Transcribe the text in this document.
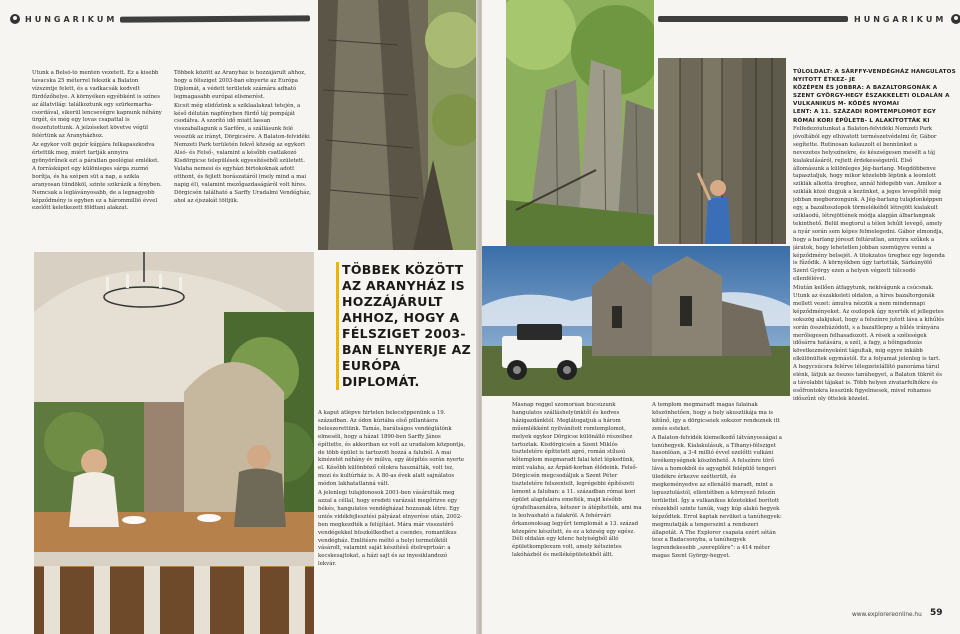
HUNGARIKUM

Utunk a Belső-tó mentén vezetett. Ez a kisebb tavacska 25 méterrel fekszik a Balaton vízszintje felett, és a vadkacsák kedvelt fürdőzőhelye. A környéken egyébként is színes az állatvilág: találkoztunk egy szürkemarha-csordával, sikerül lencsevégre kapnunk néhány ürgét, és még egy lovas csapattal is összefutottunk. A jelzéseket követve végül felértünk az Aranyházhoz.

Az egykor volt gejzír kúpjára felkapaszkodva értettük meg, miért tartják annyira gyönyörűnek ezt a páratlan geológiai emléket. A forráskúpot egy különleges sárga zuzmó borítja, és ha szépen süt a nap, a szikla aranyosan tündököl, szinte szikrázik a fényben. Nemcsak a legláványosabb, de a legnagyobb képződmény is egyben ez a hárommillió évvel ezelőtt keletkezett földtani alakzat.

Többek között az Aranyház is hozzájárult ahhoz, hogy a félsziget 2003-ban elnyerte az Európa Diplomát, a védett területek számára adható legmagasabb európai elismerést.

Kicsit még elidőzünk a sziklaalakzat tetején, a késő délután napfényben fürdő táj pompáját csodálva. A szorító idő miatt lassan visszaballagunk a Sarfőre, a szállásunk felé vesszük az irányt, Dörgicsére. A Balaton-felvidéki Nemzeti Park területén fekvő község az egykori Alsó- és Felső-, valamint a később csatlakozó Kisdörgicse települések egyesítéséből született. Valaha nemesi és egyházi birtokoknak adott otthont, és fejlett borászatáról (mely mind a mai napig él), valamint mezőgazdaságáról volt híres. Dörgicsén található a Sarffy Uradalmi Vendégház, ahol az éjszakát töltjük.

HUNGARIKUM
TÚLOLDALT: A SÁRFFY-VENDÉGHÁZ HANGULATOS NYITOTT ÉTKEZ- JE
KÖZÉPEN ÉS JOBBRA: A BAZALTORGONÁK A SZENT GYÖRGY-HEGY ÉSZAKKELETI OLDALÁN A VULKANIKUS M- KÖDÉS NYOMAI
LENT: A 11. SZÁZADI ROMTEMPLOMOT EGY RÓMAI KORI ÉPÜLETB- L ALAKÍTOTTÁK KI

Másnap reggel szomorúan búcsúzunk hangulatos szálláshelyünktől és kedves házigazdánktól. Meglátogatjuk a három műemlékként nyilvánított romtemplomot, melyek egykor Dörgicse különálló részeihez tartoztak. Kisdörgicsén a Szent Miklós tiszteletére építtetett apró, román stílusú kőtemplom megmaradt falai közt lépkedünk, mint valaha, az Árpád-korban élődeink. Felső-Dörgicsén megcsodáljuk a Szent Péter tiszteletére felszentelt, legrégebbi építészeti lemont a faluban: a 11. században római kori épület alapfalaira emelték, majd később újrafelhasználva, kétszer is átépítették, ami ma is leolvasható a falakról. A fehérvári őrkanonoksag legyűrt templomát a 13. század közepére készített, és ez a község egy egész. Déli oldalán egy kilenc helyiségből álló épületkomplexum volt, amely kétszintes lakóházból és melléképületekből állt.

A templom megmaradt magas falainak köszönhetően, hogy a hely akusztikája ma is kitűnő, így a dörgicseiek sokszor rendeznek itt zenés esteket.

A Balaton-felvidék kiemelkedő látványosságai a tanúhegyek. Kialakulásuk, a Tihanyi-félsziget hasonlóan, a 3-4 millió évvel ezelőtti vulkáni tevékenységnek köszönhető. A felszínre törő láva a homokból és agyagból felépülő tengeri üledékre érkezve szétterült, és megkeményedve az ellenálló maradt, mint a lepusztulástól, ellentétben a környező felszín területtel. Így a vulkanikus kőzetekkel borított részekből szinte tanúk, vagy kúp alakú hegyek képződtek. Errol kaptak nevüket a tanúhegyek: megmutatják a tengerszint a rendszeri állapotát. A The Explorer csapata ezért sétán tesz a Badacsonyba, a tanúhegyek legrendekesebb „szereplőire”: a 414 méter magas Szent György-hegyet.

Felfedezőutunkat a Balaton-felvidéki Nemzeti Park jóvoltából egy elhivatott természetvédelmi őr, Gábor segítette. Rutinosan kalauzolt el bennünket a nevezetes helyszínekre, és készségesen mesélt a táj kialakulásáról, rejtett érdekességeiről. Első állomásunk a különleges Jég-barlang. Megdöbbenve tapasztaljuk, hogy mikor közelebb lépünk a leomlott sziklák alkotta üreghez, annál hidegebb van. Amikor a sziklák közé dugjuk a kezünket, a jeges levegőtől még jobban megborzongunk. A Jég-barlang tulajdonképpen egy, a bazaltoszlopok törmelékéből létrejött kialakult sziklaodú, létrejöttének módja alapján álbarlangnak tekinthető. Belül megtorul a télen lehűlt levegő, amely a nyár során sem képes felmelegedni. Gábor elmondja, hogy a barlang jóreszt feltáratlan, annyira szűkek a járatok, hogy lehetetlen jobban szemügyre venni a képződmény belsejét. A titokzatos üreghez egy legenda is fűződik. A környékben úgy tartották, Sárkányölő Szent György ezen a helyen végzett túlcsodó ellenfélével.

Miután kellően átfagytunk, nekivágunk a csúcsnak. Utunk az északkeleti oldalon, a híres bazaltorgonák mellett vezet: ámulva nézzük a nem mindennapi képződményeket. Az oszlopok úgy nyerték el jellegetes sokszög alakjukat, hogy a felszínre jutott láva a kihűlés során összehúzódott, s a bazaltlepny a hűlés irányára merőlegesen felhasadozott. A rések a széleségek idősárra hatására, a szél, a fagy, a hőingadozás következményeként tágultak, mig egyre inkább elkülönültek egymástól. Ez a folyamat jelenleg is tart. A hegycsúcsra felérve lélegzetelállító panoráma tárul elénk, látjuk az összes tanúhegyet, a Balaton tükrét és a távolabbi tájakat is. Több helyen zivatarfelhőkre és esőfrontokra lesszünk figyelmesek, mivel rohamos időszűnt oly öttelek közelel.

www.explorereonline.hu 59
TÖBBEK KÖZÖTT AZ ARANYHÁZ IS HOZZÁJÁRULT AHHOZ, HOGY A FÉLSZIGET 2003-BAN ELNYERJE AZ EURÓPA DIPLOMÁT.

A kaput átlépve hirtelen belecsöppenünk a 19. században. Az ódon kúriába első pillantásra beleszerettünk. Tamás, barátságos vendéglátónk elmeséli, hogy a házat 1890-ben Sarffy János építtette, és akkoriban ez volt az uradalom központja, de több épület is tartozott hozzá a faluból. A mai kinézetét néhány év múlva, egy átépítés során nyerte el. Később különböző célokra használták, volt tsz, mozi és kultúrház is. A 80-as évek alatt sajnálatos módon lakhatatlanná vált.

A jelenlegi tulajdonosok 2001-ben vásárolták meg azzal a céllal, hogy eredeti varázsát megőrizve egy békés, hangulatos vendégházat hozzanak létre. Egy uniós vidékfejlesztési pályázat elnyerése után, 2002-ben megkezdték a felújítást. Mára már visszatérő vendégekkel büszkélkedhet a csendes, romantikus vendégház. Emlitésre méltó a helyi termelőktől vásárolt, valamint saját készítésű ételreprtoár: a kecskesajtokat, a házi sajt és az inyesiklandozó lekvár.
